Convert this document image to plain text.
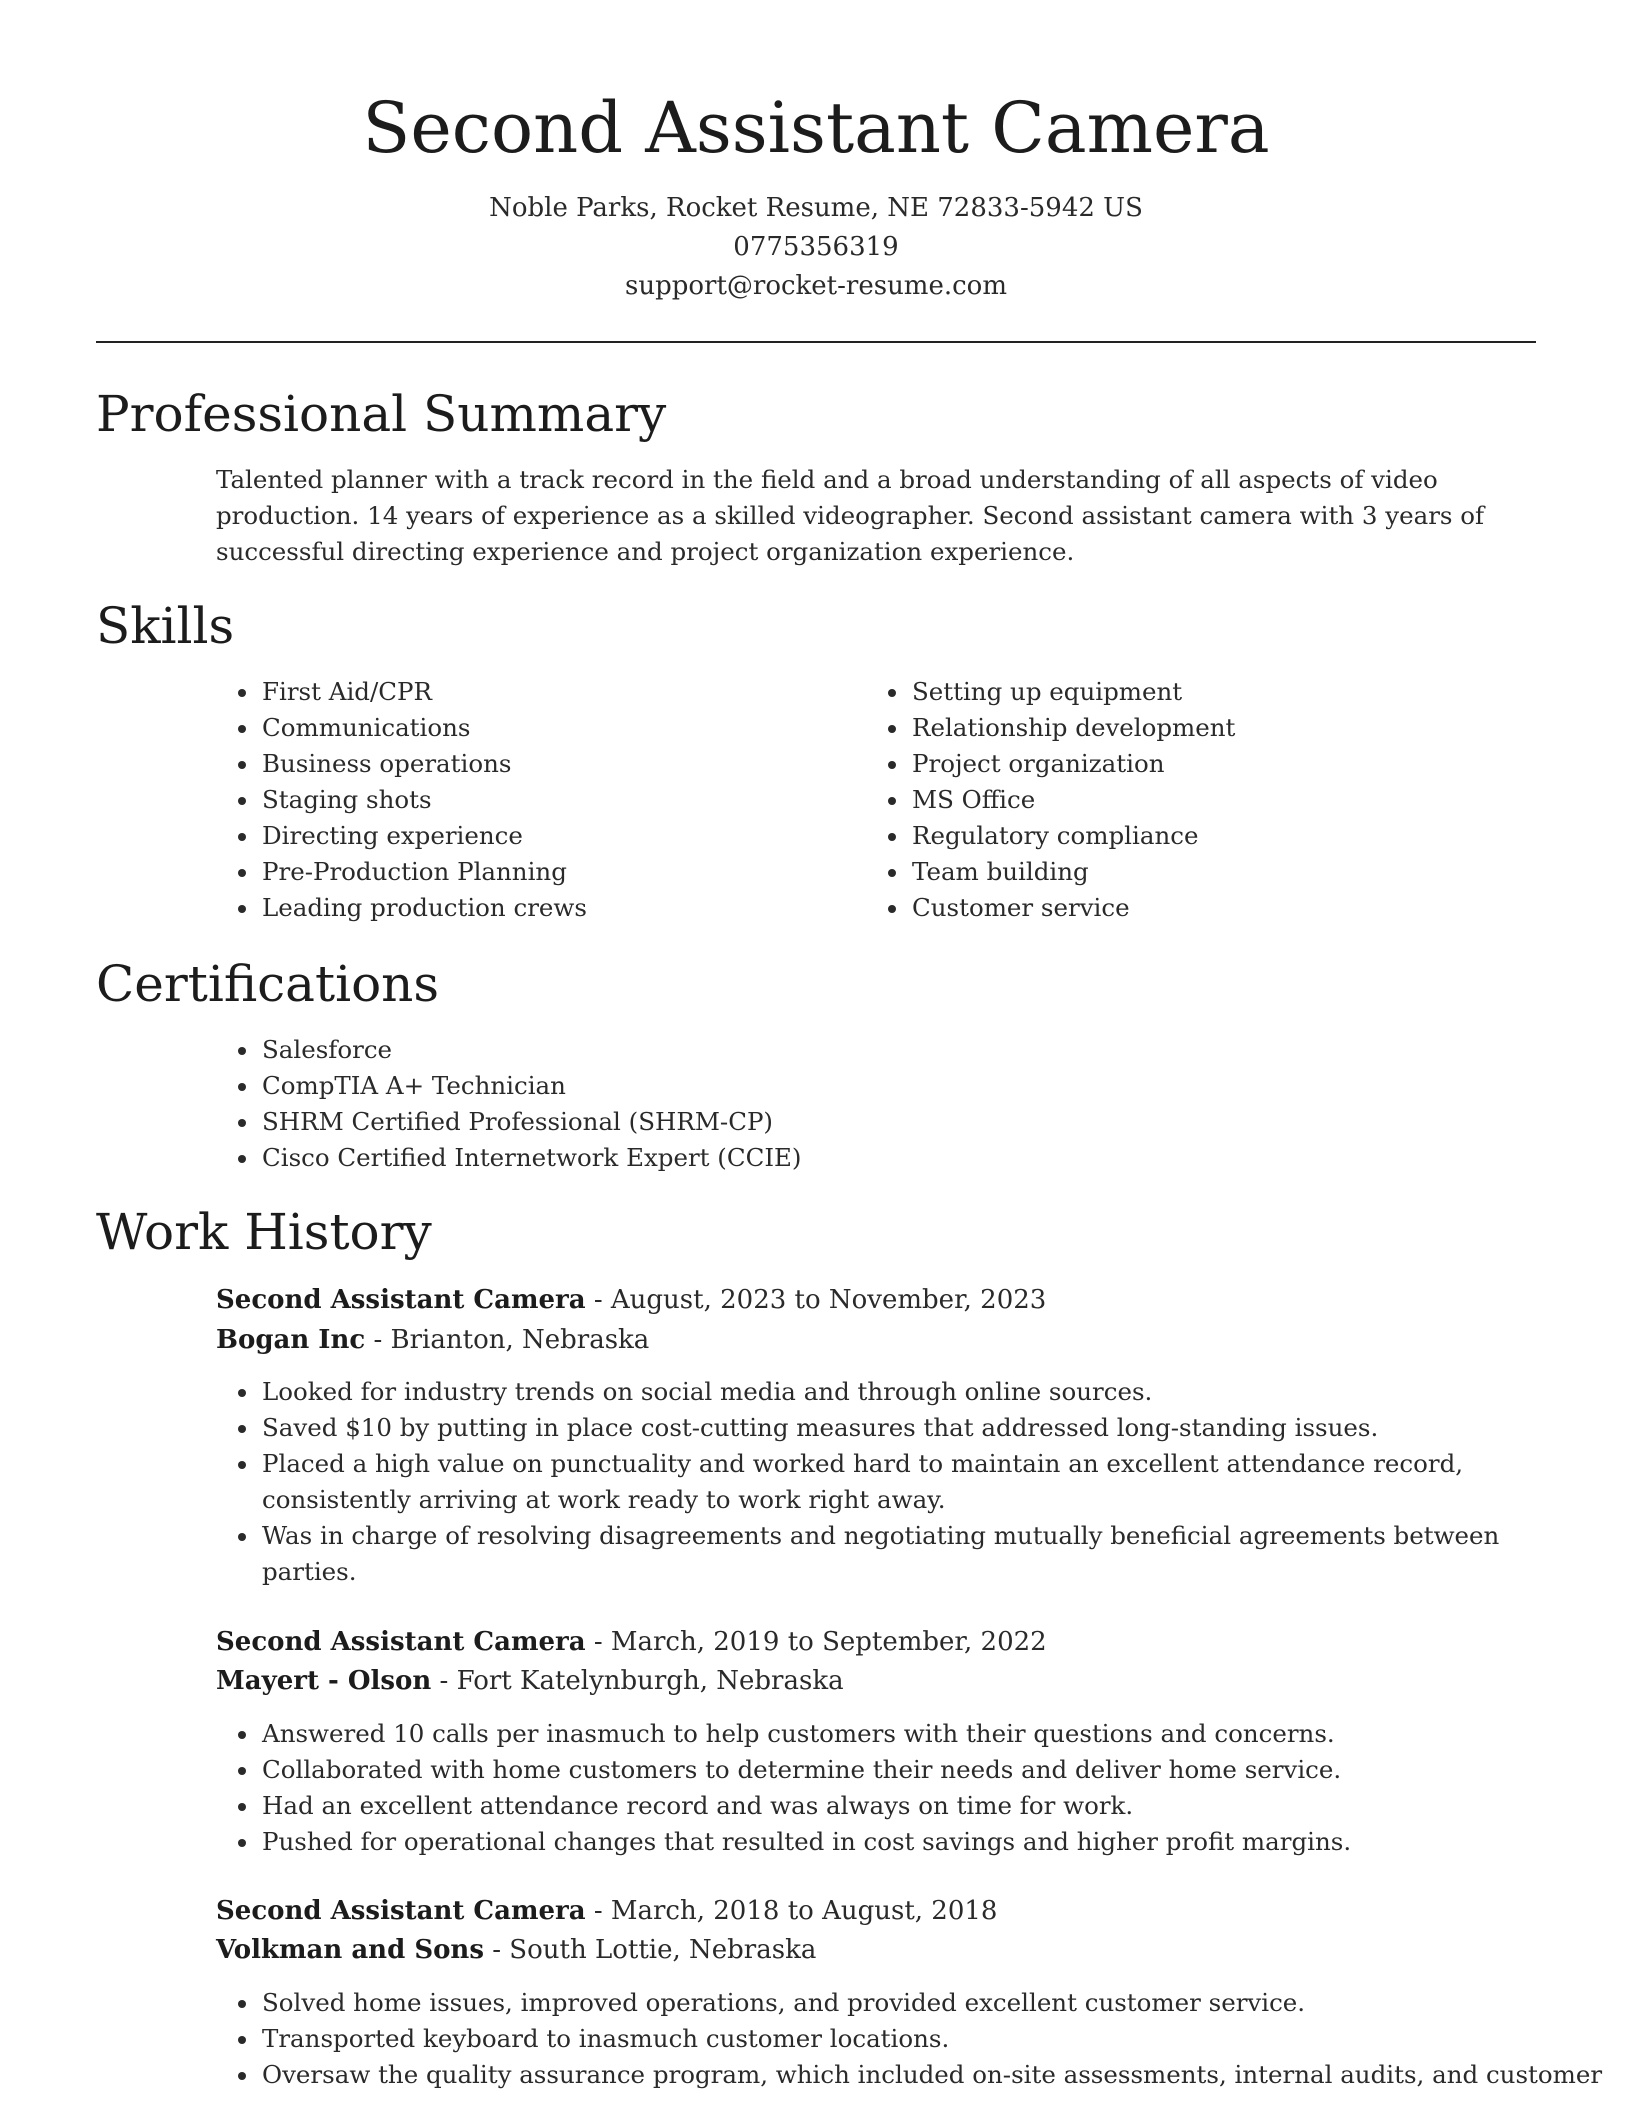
Second Assistant Camera
Noble Parks, Rocket Resume, NE 72833-5942 US
0775356319
support@rocket-resume.com
Professional Summary
Talented planner with a track record in the field and a broad understanding of all aspects of video production. 14 years of experience as a skilled videographer. Second assistant camera with 3 years of successful directing experience and project organization experience.
Skills
• First Aid/CPR
• Communications
• Business operations
• Staging shots
• Directing experience
• Pre-Production Planning
• Leading production crews
• Setting up equipment
• Relationship development
• Project organization
• MS Office
• Regulatory compliance
• Team building
• Customer service
Certifications
• Salesforce
• CompTIA A+ Technician
• SHRM Certified Professional (SHRM-CP)
• Cisco Certified Internetwork Expert (CCIE)
Work History
Second Assistant Camera - August, 2023 to November, 2023
Bogan Inc - Brianton, Nebraska
• Looked for industry trends on social media and through online sources.
• Saved $10 by putting in place cost-cutting measures that addressed long-standing issues.
• Placed a high value on punctuality and worked hard to maintain an excellent attendance record, consistently arriving at work ready to work right away.
• Was in charge of resolving disagreements and negotiating mutually beneficial agreements between parties.
Second Assistant Camera - March, 2019 to September, 2022
Mayert - Olson - Fort Katelynburgh, Nebraska
• Answered 10 calls per inasmuch to help customers with their questions and concerns.
• Collaborated with home customers to determine their needs and deliver home service.
• Had an excellent attendance record and was always on time for work.
• Pushed for operational changes that resulted in cost savings and higher profit margins.
Second Assistant Camera - March, 2018 to August, 2018
Volkman and Sons - South Lottie, Nebraska
• Solved home issues, improved operations, and provided excellent customer service.
• Transported keyboard to inasmuch customer locations.
• Oversaw the quality assurance program, which included on-site assessments, internal audits, and customer
